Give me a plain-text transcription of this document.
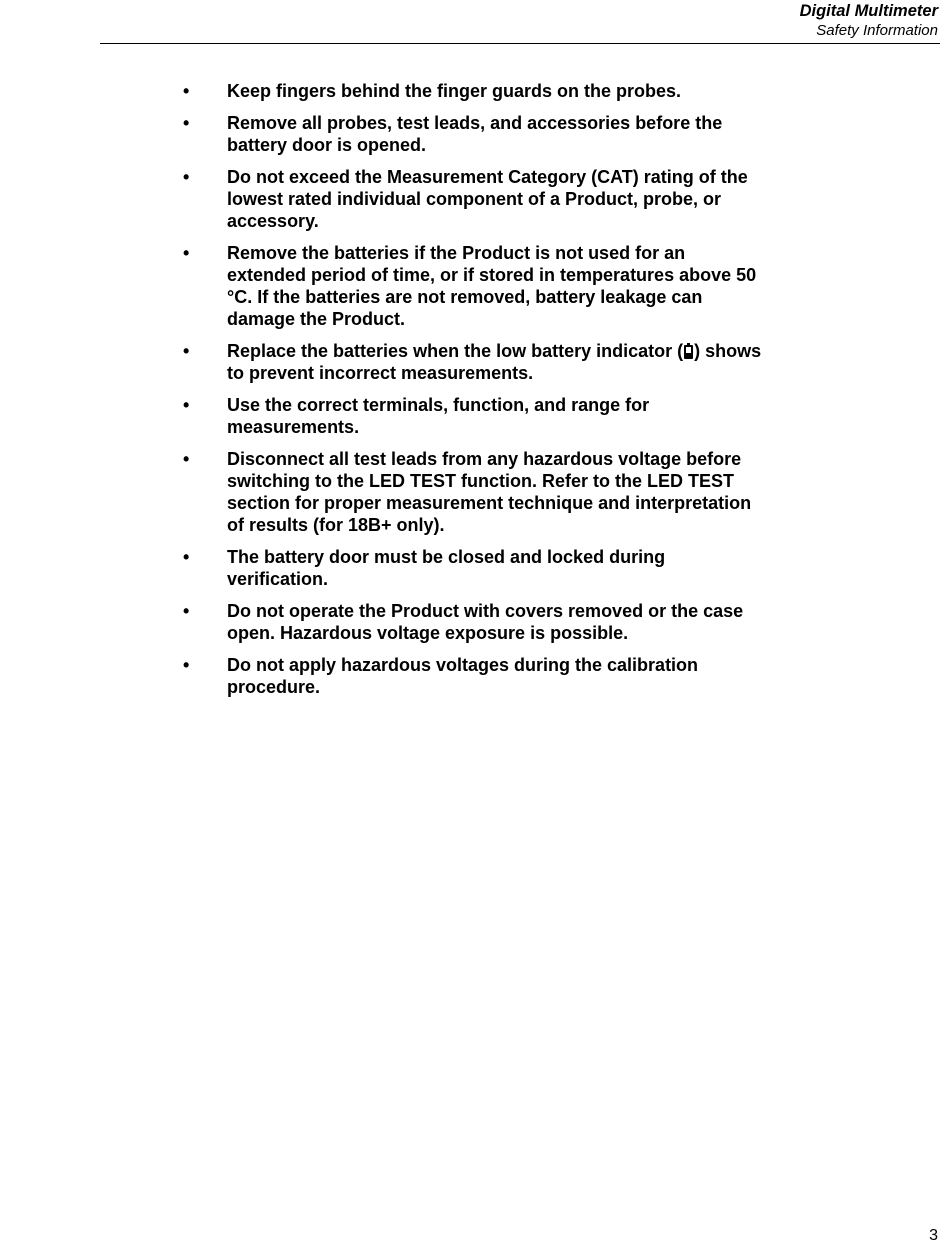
Digital Multimeter
Safety Information
• Keep fingers behind the finger guards on the probes.
• Remove all probes, test leads, and accessories before the battery door is opened.
• Do not exceed the Measurement Category (CAT) rating of the lowest rated individual component of a Product, probe, or accessory.
• Remove the batteries if the Product is not used for an extended period of time, or if stored in temperatures above 50 °C. If the batteries are not removed, battery leakage can damage the Product.
• Replace the batteries when the low battery indicator ( ) shows to prevent incorrect measurements.
• Use the correct terminals, function, and range for measurements.
• Disconnect all test leads from any hazardous voltage before switching to the LED TEST function. Refer to the LED TEST section for proper measurement technique and interpretation of results (for 18B+ only).
• The battery door must be closed and locked during verification.
• Do not operate the Product with covers removed or the case open. Hazardous voltage exposure is possible.
• Do not apply hazardous voltages during the calibration procedure.
3
